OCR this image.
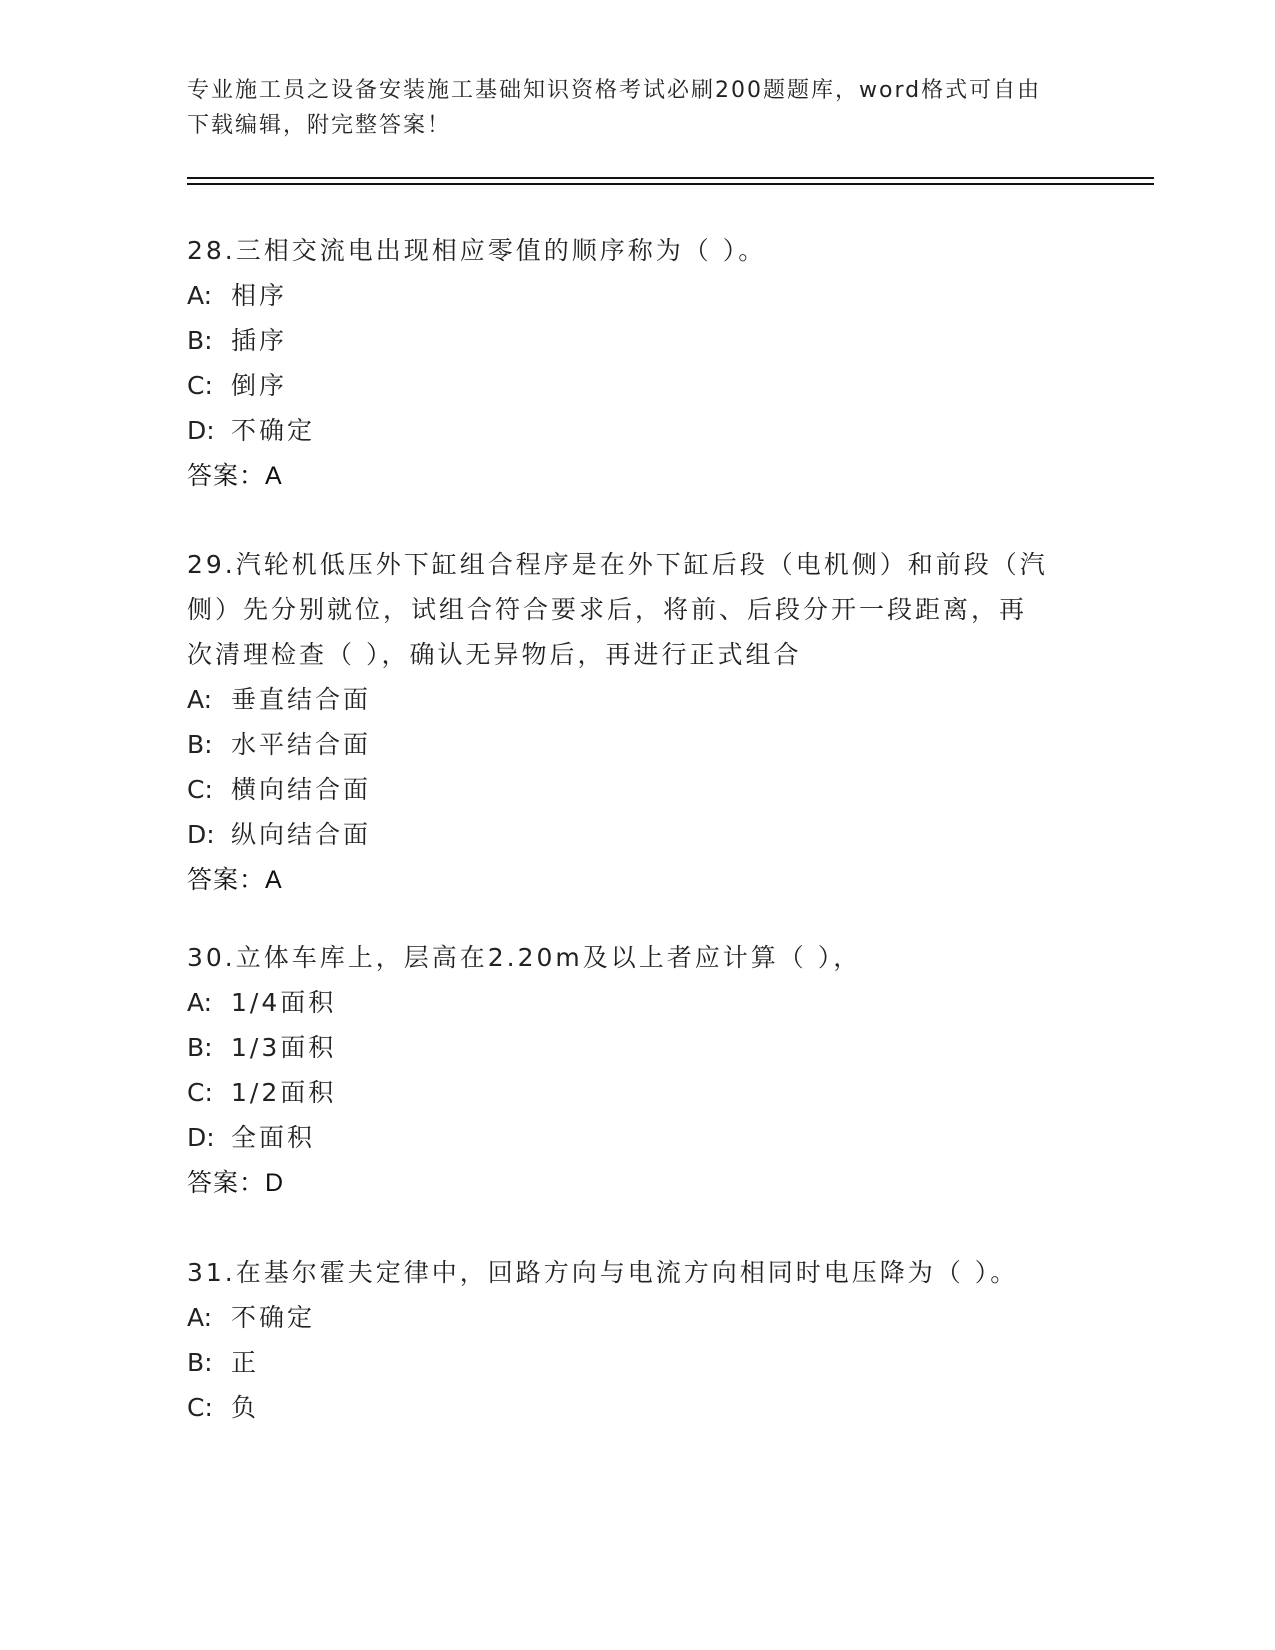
专业施工员之设备安装施工基础知识资格考试必刷200题题库，word格式可自由
下载编辑，附完整答案！

28.三相交流电出现相应零值的顺序称为（ ）。

A: 相序

B: 插序

C: 倒序

D: 不确定

答案：A

29.汽轮机低压外下缸组合程序是在外下缸后段（电机侧）和前段（汽

侧）先分别就位，试组合符合要求后，将前、后段分开一段距离，再

次清理检查（ ），确认无异物后，再进行正式组合

A: 垂直结合面

B: 水平结合面

C: 横向结合面

D: 纵向结合面

答案：A

30.立体车库上，层高在2.20m及以上者应计算（ ），

A: 1/4面积

B: 1/3面积

C: 1/2面积

D: 全面积

答案：D

31.在基尔霍夫定律中，回路方向与电流方向相同时电压降为（ ）。

A: 不确定

B: 正

C: 负
